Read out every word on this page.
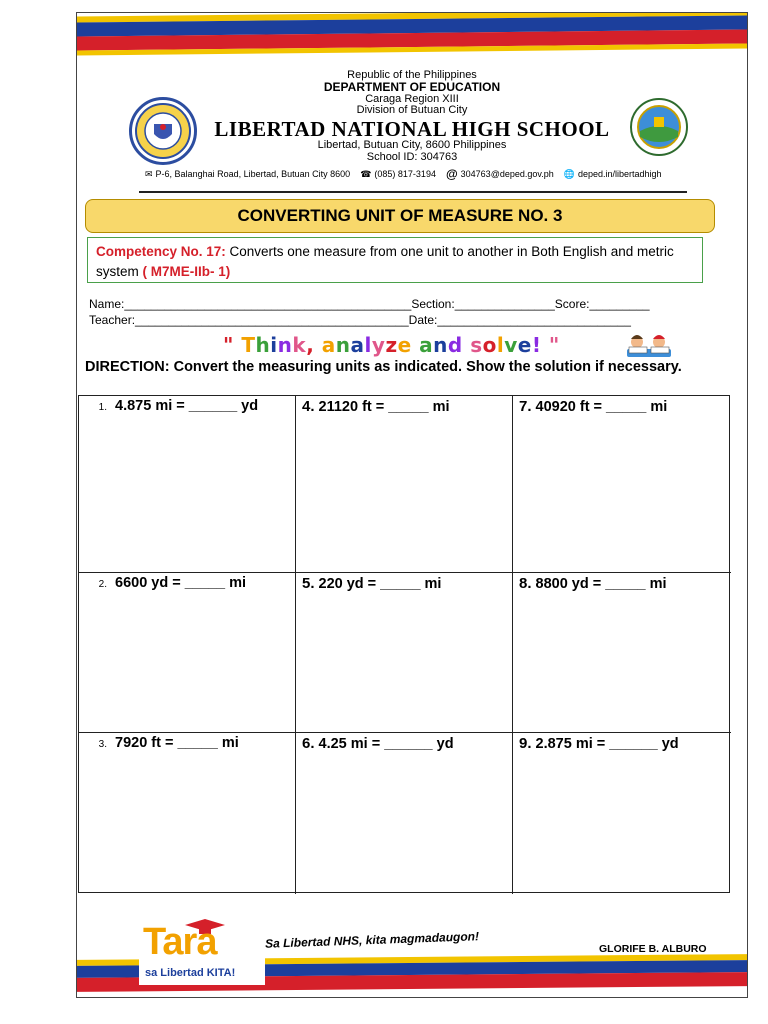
Republic of the Philippines
DEPARTMENT OF EDUCATION
Caraga Region XIII
Division of Butuan City
LIBERTAD NATIONAL HIGH SCHOOL
Libertad, Butuan City, 8600 Philippines
School ID: 304763
✉ P-6, Balanghai Road, Libertad, Butuan City 8600 ☎ (085) 817-3194 @ 304763@deped.gov.ph 🌐 deped.in/libertadhigh
CONVERTING UNIT OF MEASURE NO. 3
Competency No. 17: Converts one measure from one unit to another in Both English and metric system ( M7ME-IIb- 1)
Name:___________________________________________Section:_______________Score:_________
Teacher:_________________________________________Date:_____________________________
" Think, analyze and solve! "
DIRECTION: Convert the measuring units as indicated. Show the solution if necessary.
1. 4.875 mi = ______ yd	4. 21120 ft = _____ mi	7. 40920 ft = _____ mi
2. 6600 yd = _____ mi	5. 220 yd = _____ mi	8. 8800 yd = _____ mi
3. 7920 ft = _____ mi	6. 4.25 mi = ______ yd	9. 2.875 mi = ______ yd
Tara
sa Libertad KITA!
Sa Libertad NHS, kita magmadaugon!	GLORIFE B. ALBURO
